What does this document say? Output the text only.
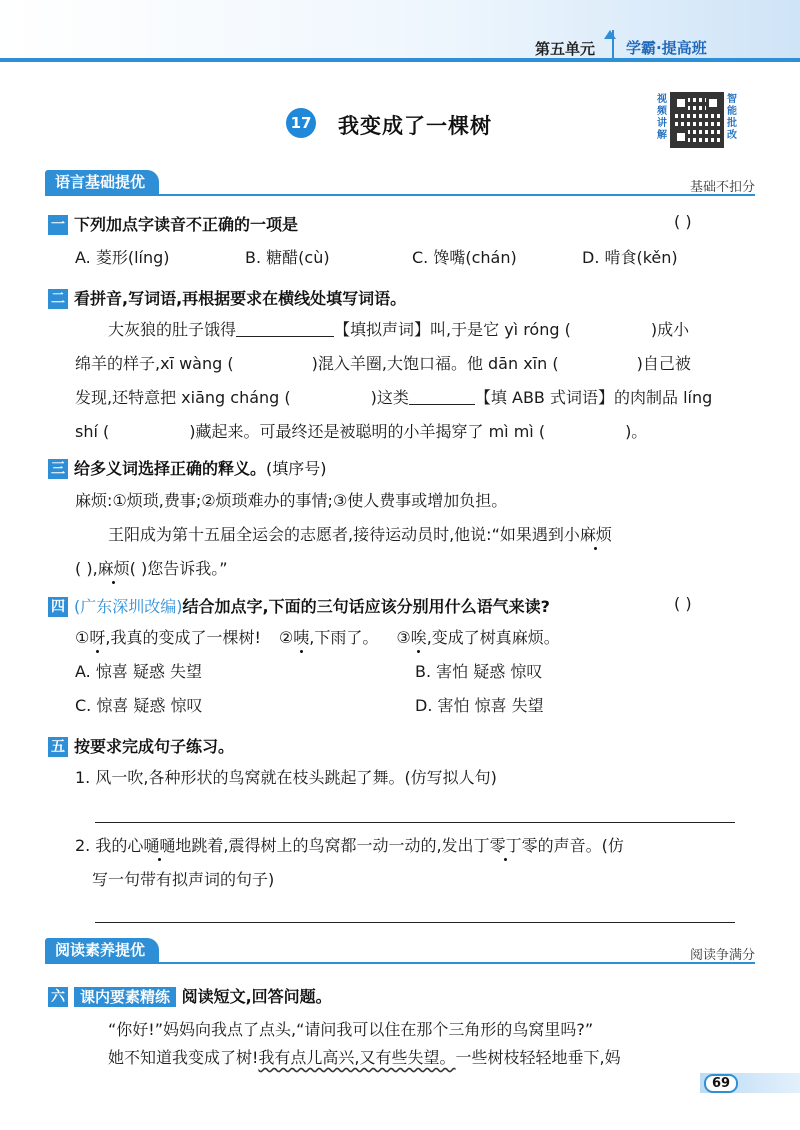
第五单元	学霸·提高班
17 我变成了一棵树
视频讲解
智能批改
语言基础提优	基础不扣分
一 下列加点字读音不正确的一项是	( )
A. 菱形(líng)	B. 糖醋(cù)	C. 馋嘴(chán)	D. 啃食(kěn)
二 看拼音,写词语,再根据要求在横线处填写词语。
大灰狼的肚子饿得	【填拟声词】叫,于是它 yì róng (	)成小
绵羊的样子,xī wàng (	)混入羊圈,大饱口福。他 dān xīn (	)自己被
发现,还特意把 xiāng cháng (	)这类	【填 ABB 式词语】的肉制品 líng
shí (	)藏起来。可最终还是被聪明的小羊揭穿了 mì mì (	)。
三 给多义词选择正确的释义。(填序号)
麻烦:①烦琐,费事;②烦琐难办的事情;③使人费事或增加负担。
王阳成为第十五届全运会的志愿者,接待运动员时,他说:“如果遇到小麻烦
( ),麻烦( )您告诉我。”
四 (广东深圳改编)结合加点字,下面的三句话应该分别用什么语气来读?	( )
①呀,我真的变成了一棵树! ②咦,下雨了。 ③唉,变成了树真麻烦。
A. 惊喜 疑惑 失望	B. 害怕 疑惑 惊叹
C. 惊喜 疑惑 惊叹	D. 害怕 惊喜 失望
五 按要求完成句子练习。
1. 风一吹,各种形状的鸟窝就在枝头跳起了舞。(仿写拟人句)
2. 我的心嗵嗵地跳着,震得树上的鸟窝都一动一动的,发出丁零丁零的声音。(仿
写一句带有拟声词的句子)
阅读素养提优	阅读争满分
六 课内要素精练 阅读短文,回答问题。
“你好!”妈妈向我点了点头,“请问我可以住在那个三角形的鸟窝里吗?”
她不知道我变成了树!我有点儿高兴,又有些失望。一些树枝轻轻地垂下,妈
69
